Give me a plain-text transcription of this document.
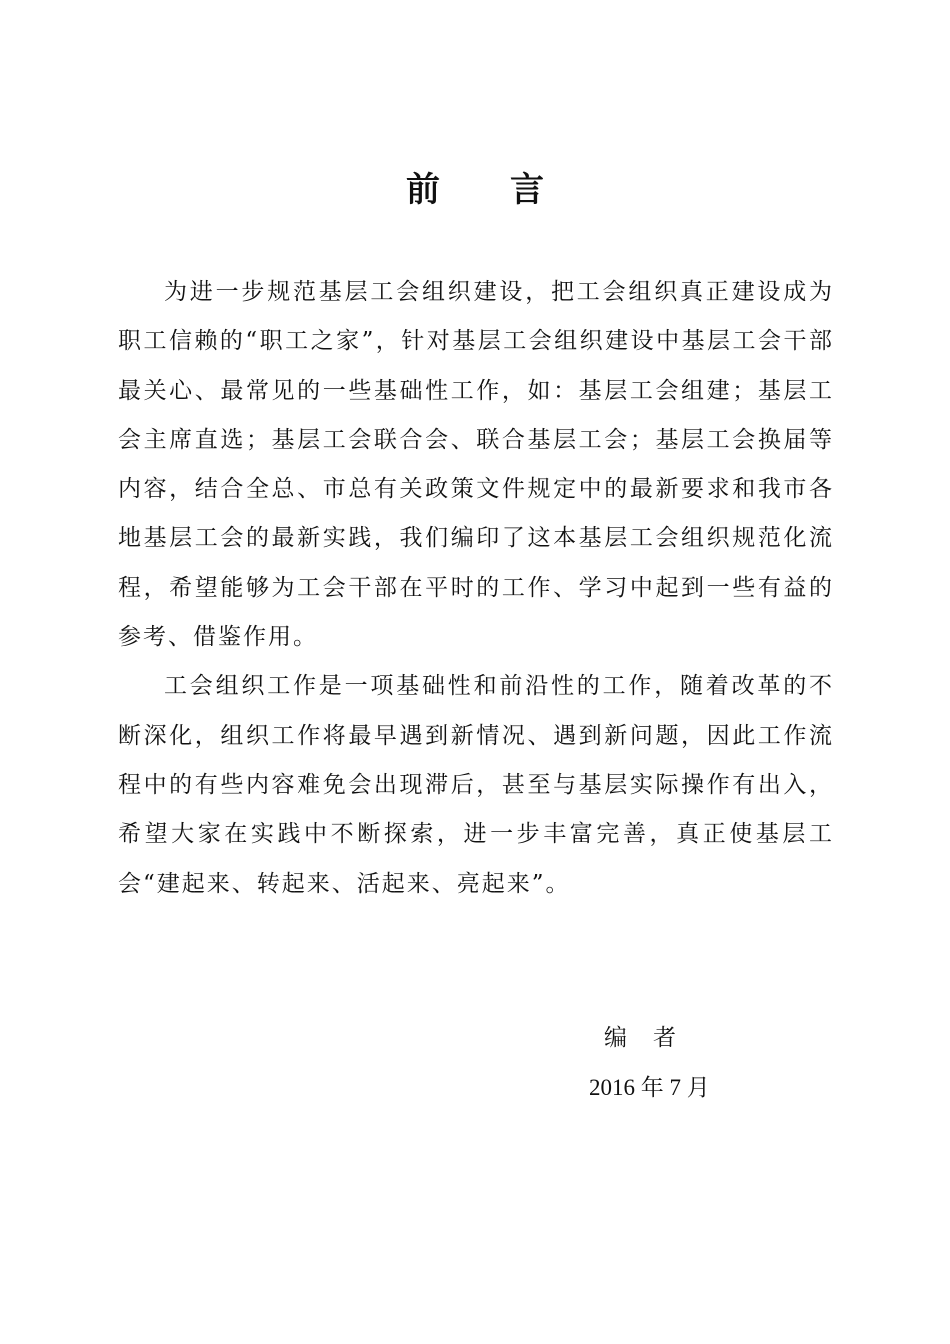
前 言

为进一步规范基层工会组织建设，把工会组织真正建设成为职工信赖的“职工之家”，针对基层工会组织建设中基层工会干部最关心、最常见的一些基础性工作，如：基层工会组建；基层工会主席直选；基层工会联合会、联合基层工会；基层工会换届等内容，结合全总、市总有关政策文件规定中的最新要求和我市各地基层工会的最新实践，我们编印了这本基层工会组织规范化流程，希望能够为工会干部在平时的工作、学习中起到一些有益的参考、借鉴作用。

工会组织工作是一项基础性和前沿性的工作，随着改革的不断深化，组织工作将最早遇到新情况、遇到新问题，因此工作流程中的有些内容难免会出现滞后，甚至与基层实际操作有出入，希望大家在实践中不断探索，进一步丰富完善，真正使基层工会“建起来、转起来、活起来、亮起来”。

编 者
2016 年 7 月
